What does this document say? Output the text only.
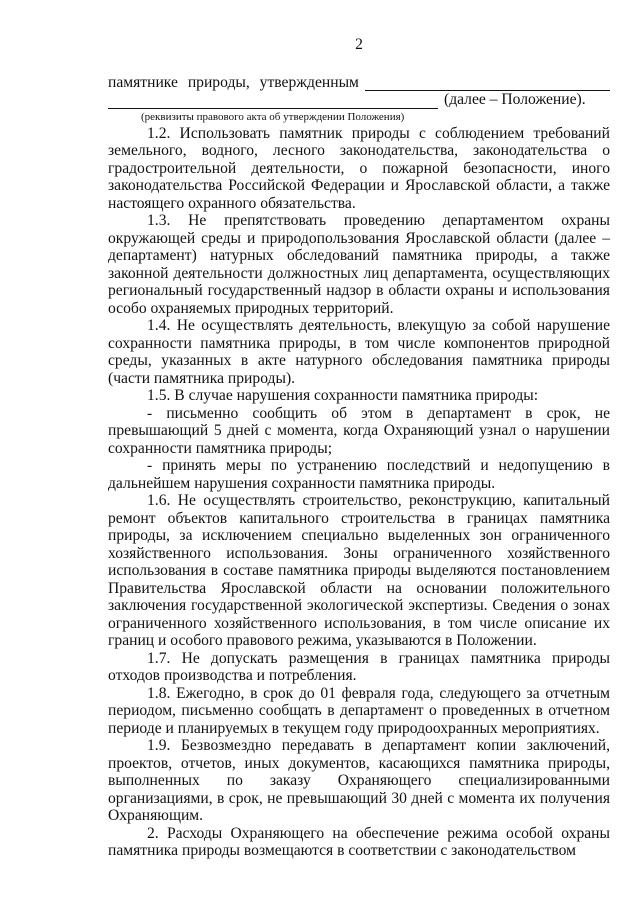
2
памятнике природы, утвержденным
(далее – Положение).
(реквизиты правового акта об утверждении Положения)

1.2. Использовать памятник природы с соблюдением требований земельного, водного, лесного законодательства, законодательства о градостроительной деятельности, о пожарной безопасности, иного законодательства Российской Федерации и Ярославской области, а также настоящего охранного обязательства.

1.3. Не препятствовать проведению департаментом охраны окружающей среды и природопользования Ярославской области (далее – департамент) натурных обследований памятника природы, а также законной деятельности должностных лиц департамента, осуществляющих региональный государственный надзор в области охраны и использования особо охраняемых природных территорий.

1.4. Не осуществлять деятельность, влекущую за собой нарушение сохранности памятника природы, в том числе компонентов природной среды, указанных в акте натурного обследования памятника природы (части памятника природы).

1.5. В случае нарушения сохранности памятника природы:

- письменно сообщить об этом в департамент в срок, не превышающий 5 дней с момента, когда Охраняющий узнал о нарушении сохранности памятника природы;

- принять меры по устранению последствий и недопущению в дальнейшем нарушения сохранности памятника природы.

1.6. Не осуществлять строительство, реконструкцию, капитальный ремонт объектов капитального строительства в границах памятника природы, за исключением специально выделенных зон ограниченного хозяйственного использования. Зоны ограниченного хозяйственного использования в составе памятника природы выделяются постановлением Правительства Ярославской области на основании положительного заключения государственной экологической экспертизы. Сведения о зонах ограниченного хозяйственного использования, в том числе описание их границ и особого правового режима, указываются в Положении.

1.7. Не допускать размещения в границах памятника природы отходов производства и потребления.

1.8. Ежегодно, в срок до 01 февраля года, следующего за отчетным периодом, письменно сообщать в департамент о проведенных в отчетном периоде и планируемых в текущем году природоохранных мероприятиях.

1.9. Безвозмездно передавать в департамент копии заключений, проектов, отчетов, иных документов, касающихся памятника природы, выполненных по заказу Охраняющего специализированными организациями, в срок, не превышающий 30 дней с момента их получения Охраняющим.

2. Расходы Охраняющего на обеспечение режима особой охраны памятника природы возмещаются в соответствии с законодательством
